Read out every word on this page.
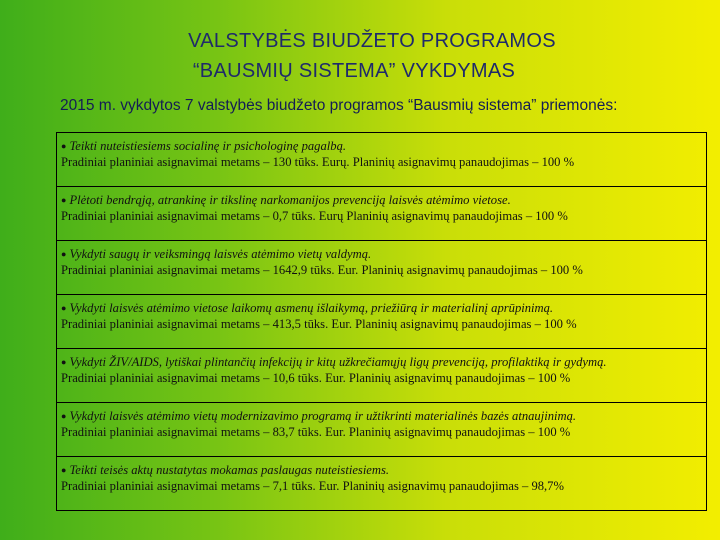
VALSTYBĖS BIUDŽETO PROGRAMOS
“BAUSMIŲ SISTEMA” VYKDYMAS
2015 m. vykdytos 7 valstybės biudžeto programos “Bausmių sistema” priemonės:
● Teikti nuteistiesiems socialinę ir psichologinę pagalbą.
Pradiniai planiniai asignavimai metams – 130 tūks. Eurų. Planinių asignavimų panaudojimas – 100 %
● Plėtoti bendrąją, atrankinę ir tikslinę narkomanijos prevenciją laisvės atėmimo vietose.
Pradiniai planiniai asignavimai metams – 0,7 tūks. Eurų Planinių asignavimų panaudojimas – 100 %
● Vykdyti saugų ir veiksmingą laisvės atėmimo vietų valdymą.
Pradiniai planiniai asignavimai metams – 1642,9 tūks. Eur. Planinių asignavimų panaudojimas – 100 %
● Vykdyti laisvės atėmimo vietose laikomų asmenų išlaikymą, priežiūrą ir materialinį aprūpinimą.
Pradiniai planiniai asignavimai metams – 413,5 tūks. Eur. Planinių asignavimų panaudojimas – 100 %
● Vykdyti ŽIV/AIDS, lytiškai plintančių infekcijų ir kitų užkrečiamųjų ligų prevenciją, profilaktiką ir gydymą.
Pradiniai planiniai asignavimai metams – 10,6 tūks. Eur. Planinių asignavimų panaudojimas – 100 %
● Vykdyti laisvės atėmimo vietų modernizavimo programą ir užtikrinti materialinės bazės atnaujinimą.
Pradiniai planiniai asignavimai metams – 83,7 tūks. Eur. Planinių asignavimų panaudojimas – 100 %
● Teikti teisės aktų nustatytas mokamas paslaugas nuteistiesiems.
Pradiniai planiniai asignavimai metams – 7,1 tūks. Eur. Planinių asignavimų panaudojimas – 98,7%
